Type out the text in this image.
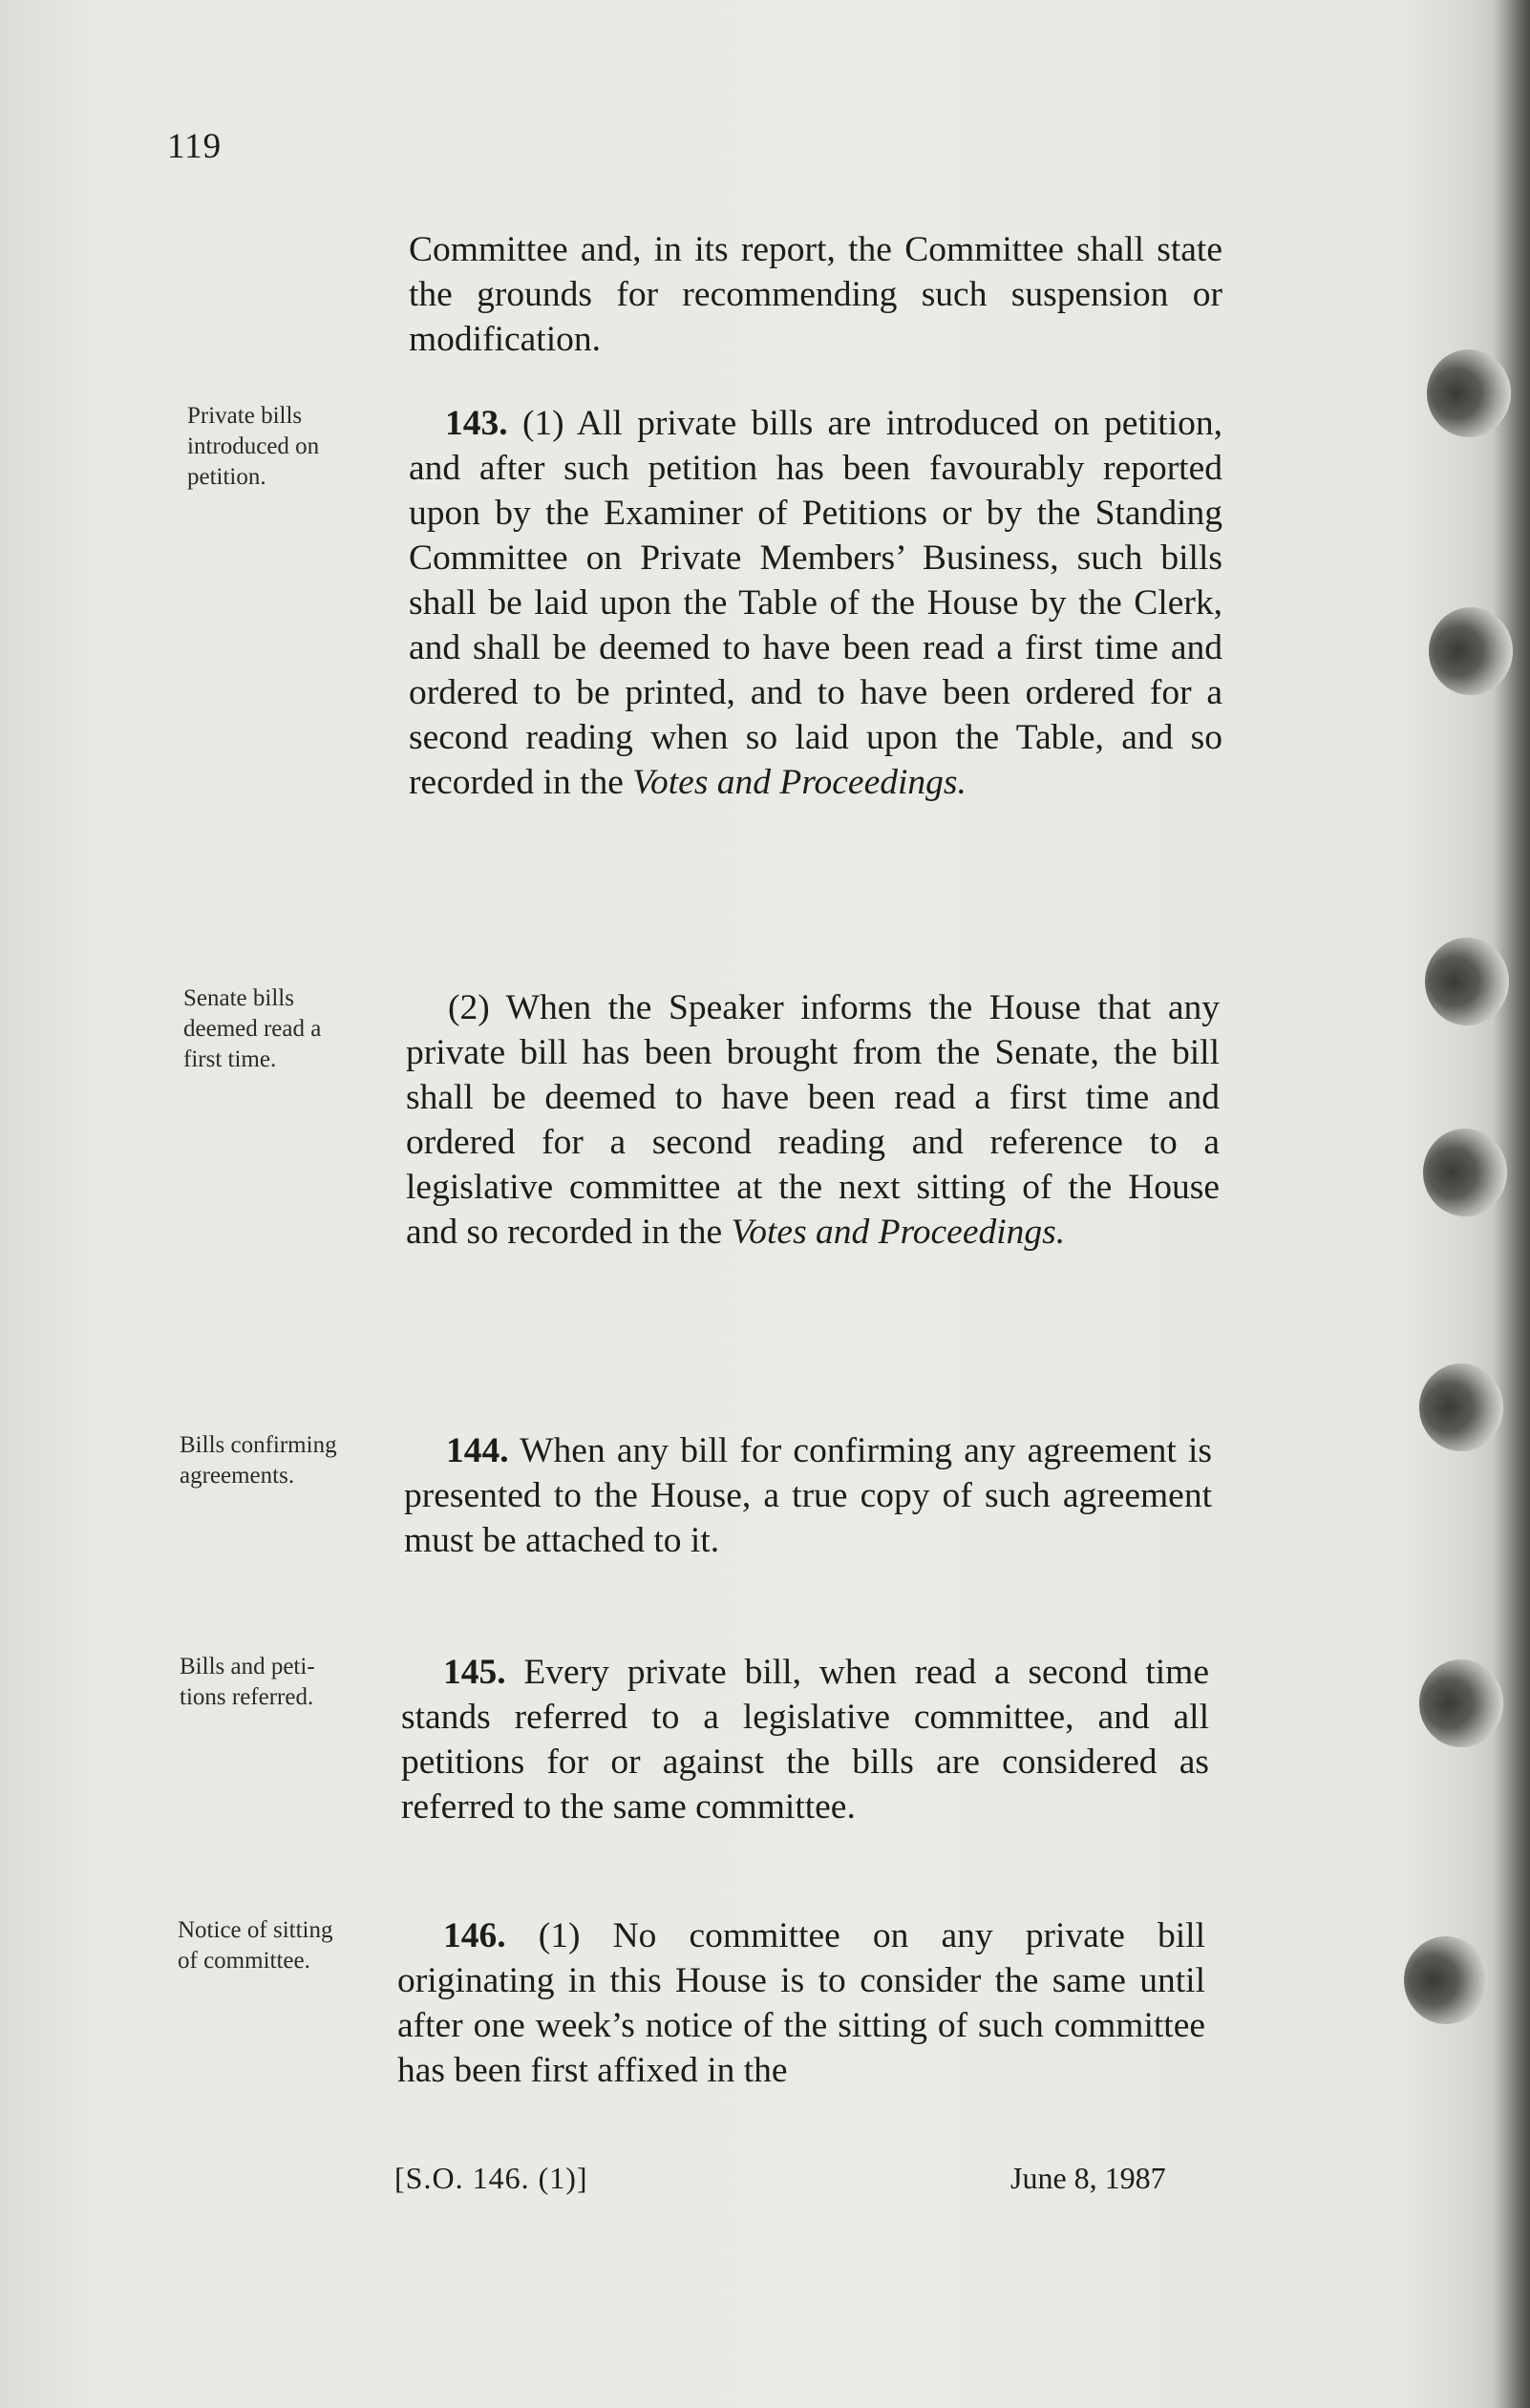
119
Private bills
introduced on
petition.
Senate bills
deemed read a
first time.
Bills confirming
agreements.
Bills and peti-
tions referred.
Notice of sitting
of committee.

Committee and, in its report, the Committee shall state the grounds for recommending such suspension or modification.

143. (1) All private bills are introduced on petition, and after such petition has been favourably reported upon by the Examiner of Petitions or by the Standing Committee on Private Members’ Business, such bills shall be laid upon the Table of the House by the Clerk, and shall be deemed to have been read a first time and ordered to be printed, and to have been ordered for a second reading when so laid upon the Table, and so recorded in the Votes and Proceedings.

(2) When the Speaker informs the House that any private bill has been brought from the Senate, the bill shall be deemed to have been read a first time and ordered for a second reading and reference to a legislative committee at the next sitting of the House and so recorded in the Votes and Proceedings.

144. When any bill for confirming any agreement is presented to the House, a true copy of such agreement must be attached to it.

145. Every private bill, when read a second time stands referred to a legislative committee, and all petitions for or against the bills are considered as referred to the same committee.

146. (1) No committee on any private bill originating in this House is to consider the same until after one week’s notice of the sitting of such committee has been first affixed in the

[S.O. 146. (1)]	June 8, 1987
